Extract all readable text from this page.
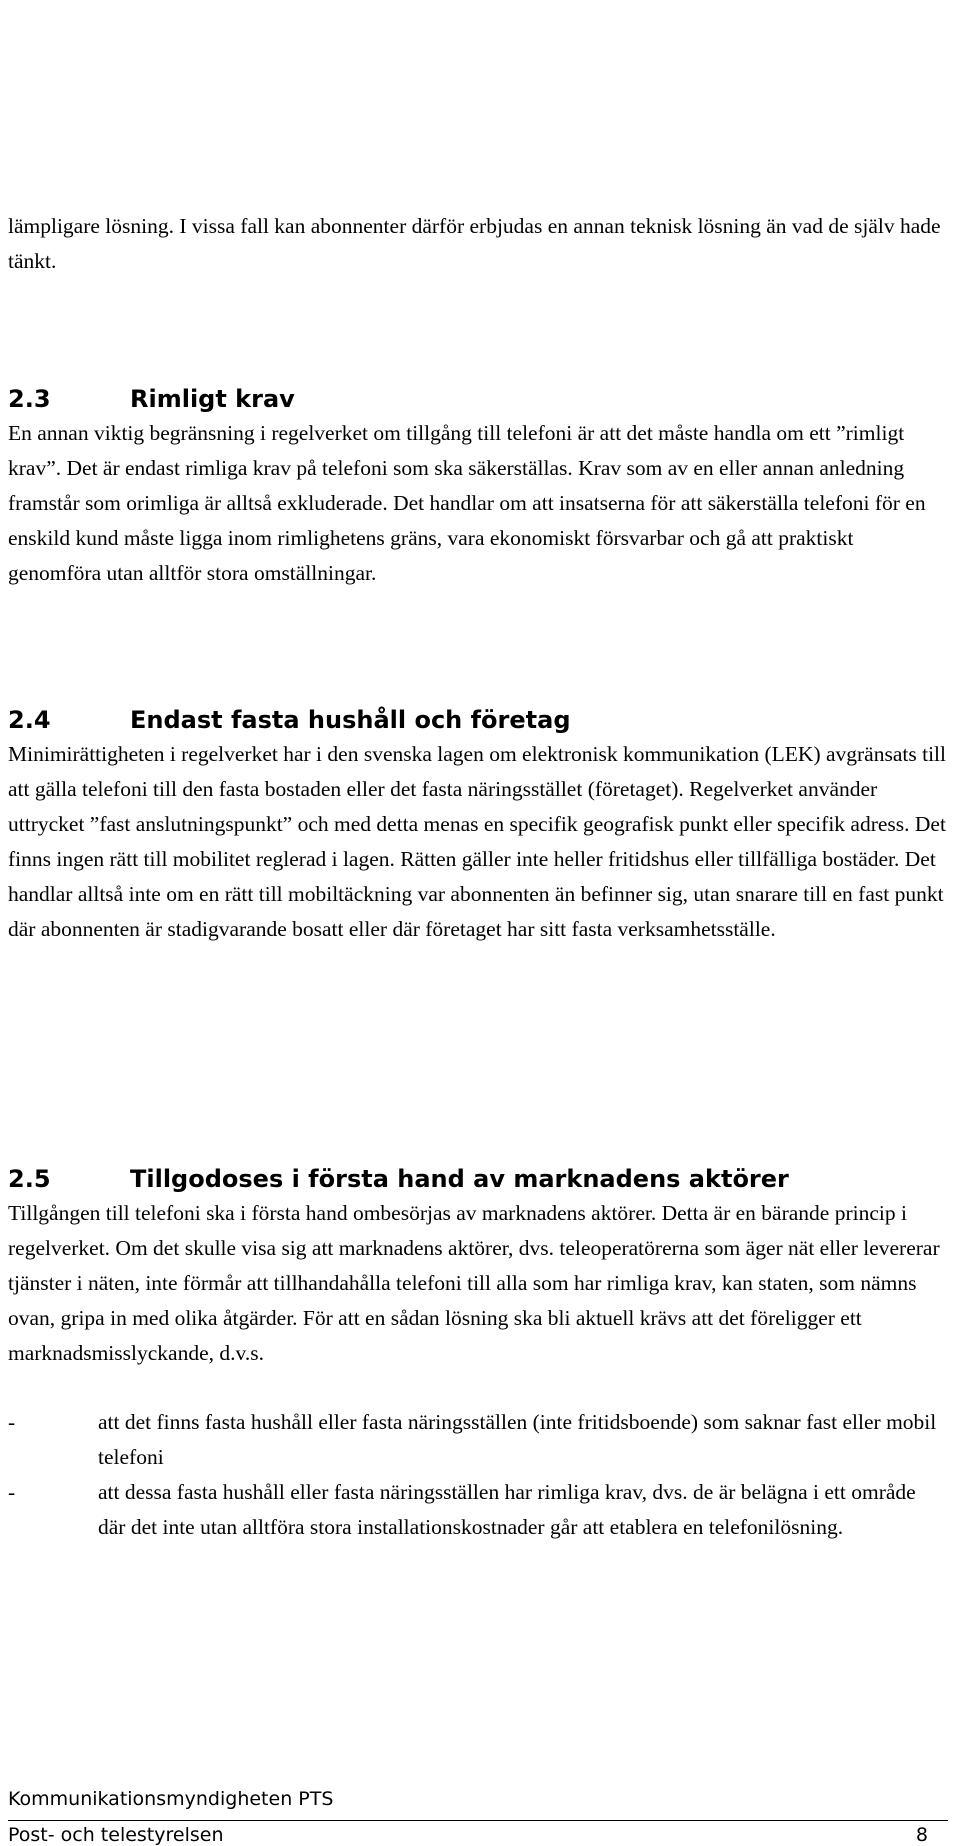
lämpligare lösning. I vissa fall kan abonnenter därför erbjudas en annan teknisk lösning än vad de själv hade tänkt.

2.3	Rimligt krav

En annan viktig begränsning i regelverket om tillgång till telefoni är att det måste handla om ett ”rimligt krav”. Det är endast rimliga krav på telefoni som ska säkerställas. Krav som av en eller annan anledning framstår som orimliga är alltså exkluderade. Det handlar om att insatserna för att säkerställa telefoni för en enskild kund måste ligga inom rimlighetens gräns, vara ekonomiskt försvarbar och gå att praktiskt genomföra utan alltför stora omställningar.

2.4	Endast fasta hushåll och företag

Minimirättigheten i regelverket har i den svenska lagen om elektronisk kommunikation (LEK) avgränsats till att gälla telefoni till den fasta bostaden eller det fasta näringsstället (företaget). Regelverket använder uttrycket ”fast anslutningspunkt” och med detta menas en specifik geografisk punkt eller specifik adress. Det finns ingen rätt till mobilitet reglerad i lagen. Rätten gäller inte heller fritidshus eller tillfälliga bostäder. Det handlar alltså inte om en rätt till mobiltäckning var abonnenten än befinner sig, utan snarare till en fast punkt där abonnenten är stadigvarande bosatt eller där företaget har sitt fasta verksamhetsställe.

2.5	Tillgodoses i första hand av marknadens aktörer

Tillgången till telefoni ska i första hand ombesörjas av marknadens aktörer. Detta är en bärande princip i regelverket. Om det skulle visa sig att marknadens aktörer, dvs. teleoperatörerna som äger nät eller levererar tjänster i näten, inte förmår att tillhandahålla telefoni till alla som har rimliga krav, kan staten, som nämns ovan, gripa in med olika åtgärder. För att en sådan lösning ska bli aktuell krävs att det föreligger ett marknadsmisslyckande, d.v.s.

-	att det finns fasta hushåll eller fasta näringsställen (inte fritidsboende) som saknar fast eller mobil telefoni
-	att dessa fasta hushåll eller fasta näringsställen har rimliga krav, dvs. de är belägna i ett område där det inte utan alltföra stora installationskostnader går att etablera en telefonilösning.
Kommunikationsmyndigheten PTS
Post- och telestyrelsen	8
